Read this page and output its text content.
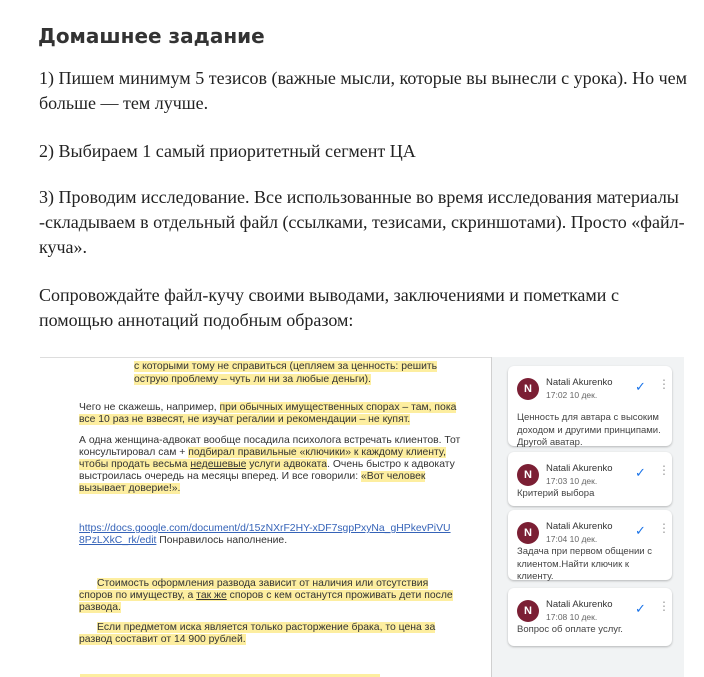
Домашнее задание

1) Пишем минимум 5 тезисов (важные мысли, которые вы вынесли с урока). Но чем больше — тем лучше.

2) Выбираем 1 самый приоритетный сегмент ЦА

3) Проводим исследование. Все использованные во время исследования материалы -складываем в отдельный файл (ссылками, тезисами, скриншотами). Просто «файл-куча».

Сопровождайте файл-кучу своими выводами, заключениями и пометками с помощью аннотаций подобным образом:

с которыми тому не справиться (цепляем за ценность: решить

острую проблему – чуть ли ни за любые деньги).

Чего не скажешь, например, при обычных имущественных спорах – там, пока

все 10 раз не взвесят, не изучат регалии и рекомендации – не купят.

А одна женщина-адвокат вообще посадила психолога встречать клиентов. Тот

консультировал сам + подбирал правильные «ключики» к каждому клиенту,

чтобы продать весьма недешевые услуги адвоката. Очень быстро к адвокату

выстроилась очередь на месяцы вперед. И все говорили: «Вот человек

вызывает доверие!».

https://docs.google.com/document/d/15zNXrF2HY-xDF7sgpPxyNa_gHPkevPiVU

8PzLXkC_rk/edit Понравилось наполнение.

Стоимость оформления развода зависит от наличия или отсутствия

споров по имуществу, а так же споров с кем останутся проживать дети после

развода.

Если предметом иска является только расторжение брака, то цена за

развод составит от 14 900 рублей.

N
Natali Akurenko
17:02 10 дек.
✓ ⋮
Ценность для автара с высоким доходом и другими принципами. Другой аватар.
N
Natali Akurenko
17:03 10 дек.
✓ ⋮
Критерий выбора
N
Natali Akurenko
17:04 10 дек.
✓ ⋮
Задача при первом общении с клиентом.Найти ключик к клиенту.
N
Natali Akurenko
17:08 10 дек.
✓ ⋮
Вопрос об оплате услуг.
